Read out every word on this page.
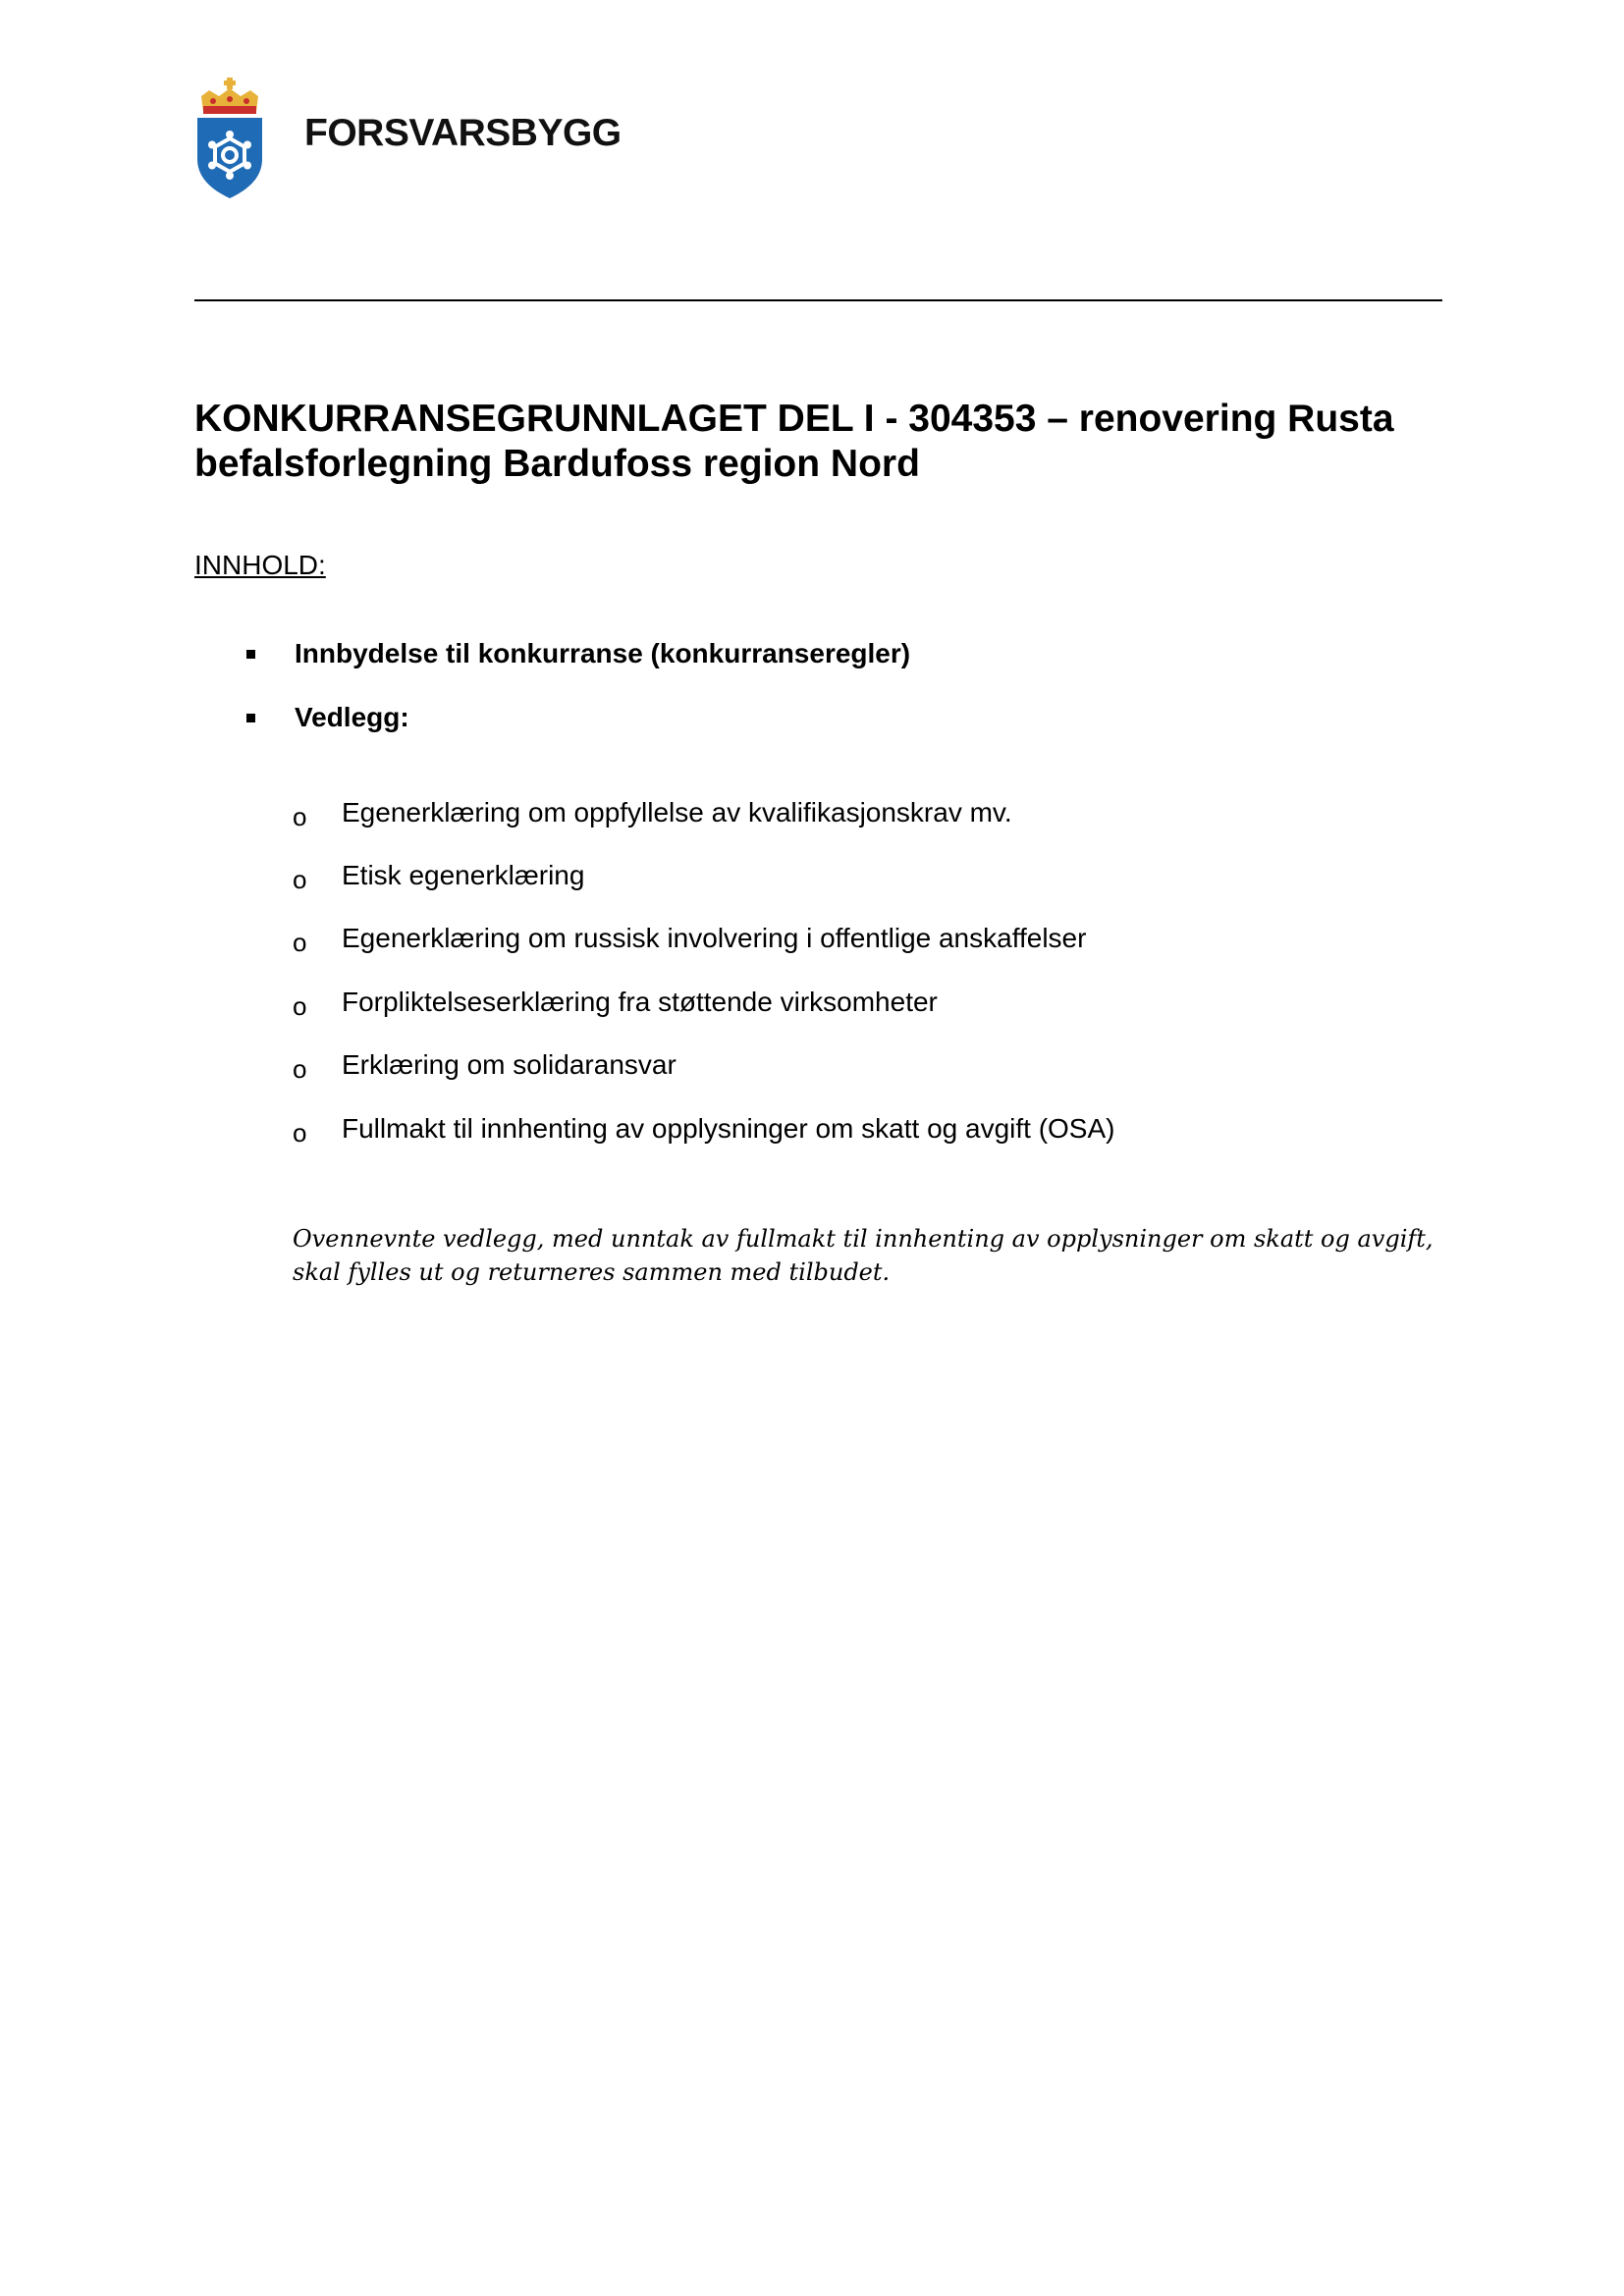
FORSVARSBYGG
KONKURRANSEGRUNNLAGET DEL I - 304353 – renovering Rusta befalsforlegning Bardufoss region Nord

INNHOLD:

Innbydelse til konkurranse (konkurranseregler)
Vedlegg:
o Egenerklæring om oppfyllelse av kvalifikasjonskrav mv.
o Etisk egenerklæring
o Egenerklæring om russisk involvering i offentlige anskaffelser
o Forpliktelseserklæring fra støttende virksomheter
o Erklæring om solidaransvar
o Fullmakt til innhenting av opplysninger om skatt og avgift (OSA)

Ovennevnte vedlegg, med unntak av fullmakt til innhenting av opplysninger om skatt og avgift, skal fylles ut og returneres sammen med tilbudet.
